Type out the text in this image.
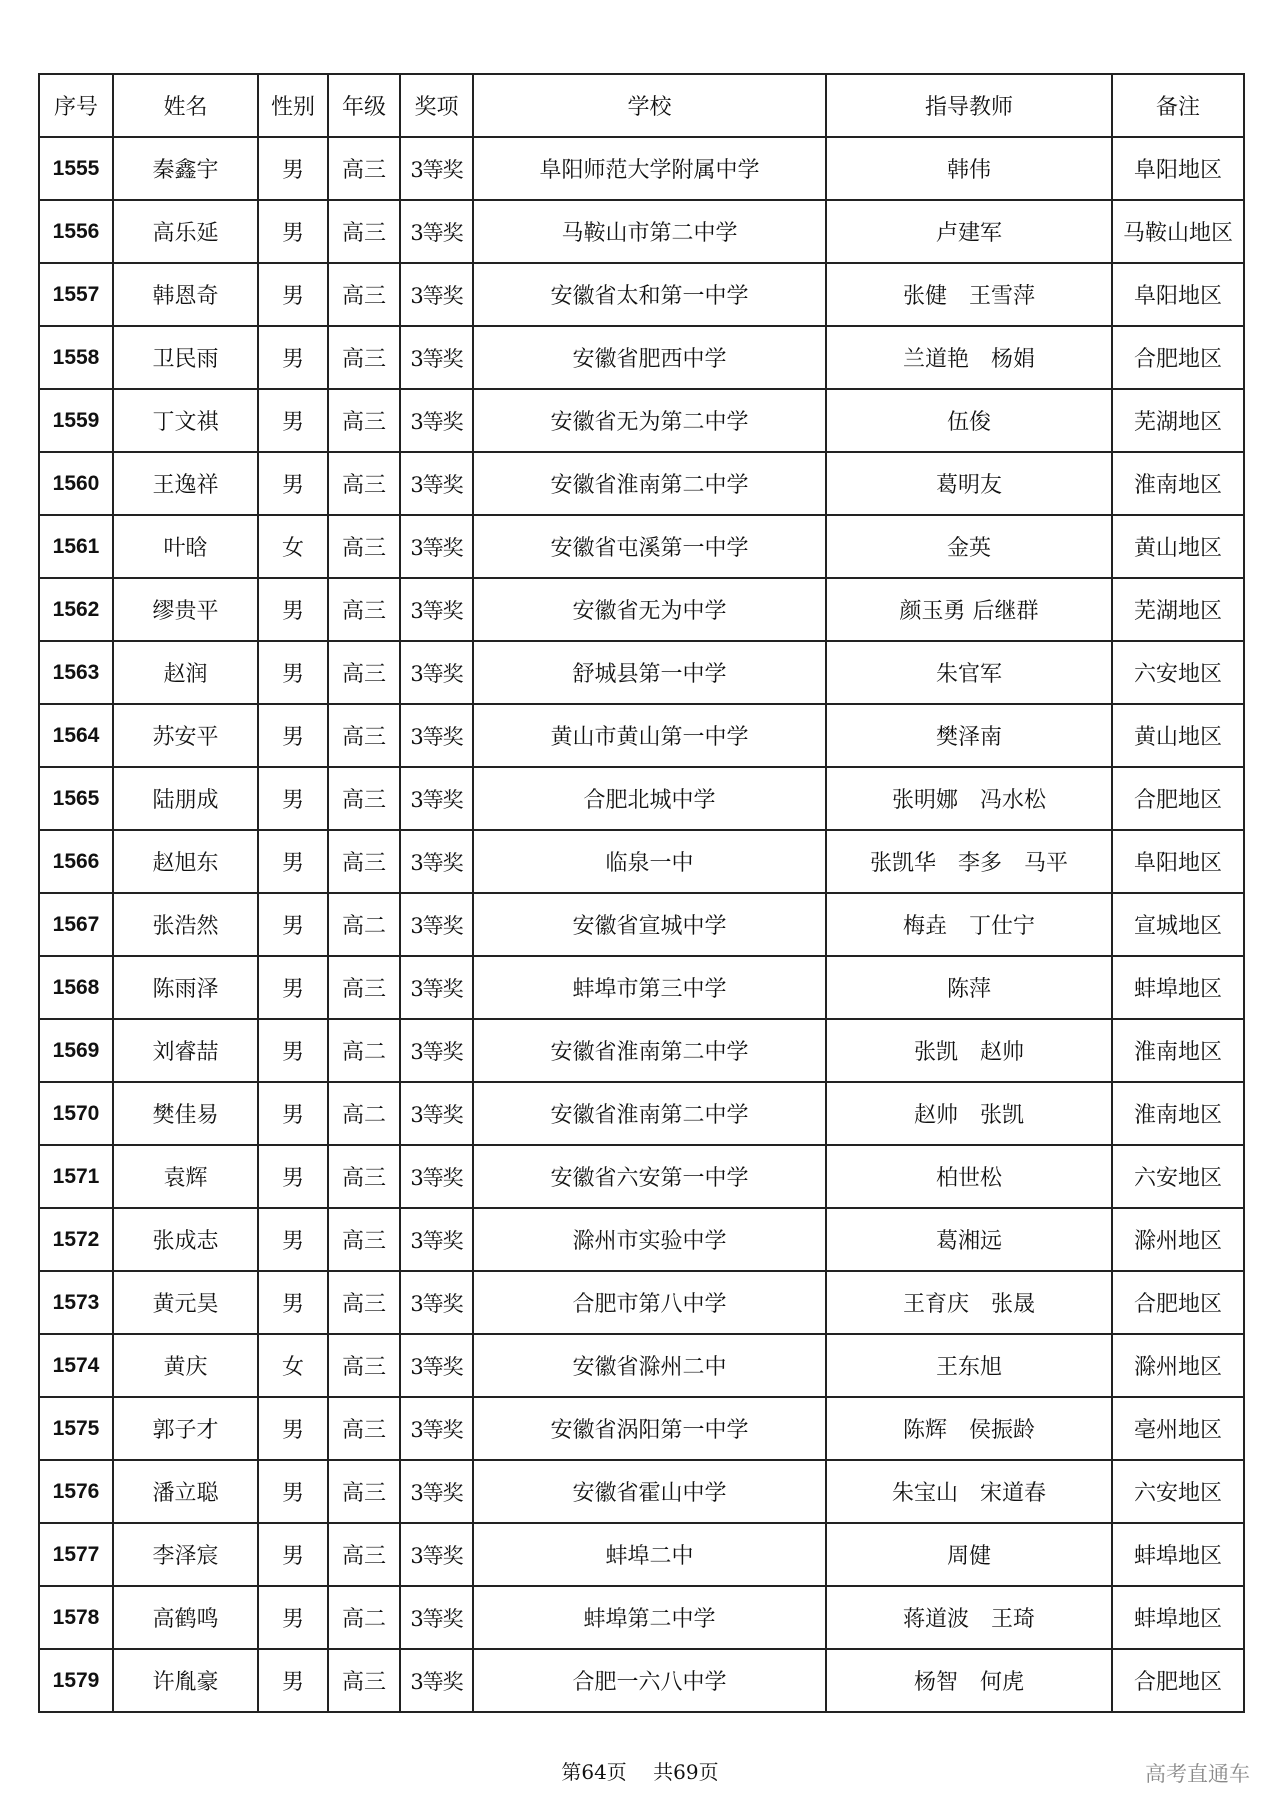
序号	姓名	性别	年级	奖项	学校	指导教师	备注
1555	秦鑫宇	男	高三	3等奖	阜阳师范大学附属中学	韩伟	阜阳地区
1556	高乐延	男	高三	3等奖	马鞍山市第二中学	卢建军	马鞍山地区
1557	韩恩奇	男	高三	3等奖	安徽省太和第一中学	张健　王雪萍	阜阳地区
1558	卫民雨	男	高三	3等奖	安徽省肥西中学	兰道艳　杨娟	合肥地区
1559	丁文祺	男	高三	3等奖	安徽省无为第二中学	伍俊	芜湖地区
1560	王逸祥	男	高三	3等奖	安徽省淮南第二中学	葛明友	淮南地区
1561	叶晗	女	高三	3等奖	安徽省屯溪第一中学	金英	黄山地区
1562	缪贵平	男	高三	3等奖	安徽省无为中学	颜玉勇 后继群	芜湖地区
1563	赵润	男	高三	3等奖	舒城县第一中学	朱官军	六安地区
1564	苏安平	男	高三	3等奖	黄山市黄山第一中学	樊泽南	黄山地区
1565	陆朋成	男	高三	3等奖	合肥北城中学	张明娜　冯水松	合肥地区
1566	赵旭东	男	高三	3等奖	临泉一中	张凯华　李多　马平	阜阳地区
1567	张浩然	男	高二	3等奖	安徽省宣城中学	梅垚　丁仕宁	宣城地区
1568	陈雨泽	男	高三	3等奖	蚌埠市第三中学	陈萍	蚌埠地区
1569	刘睿喆	男	高二	3等奖	安徽省淮南第二中学	张凯　赵帅	淮南地区
1570	樊佳易	男	高二	3等奖	安徽省淮南第二中学	赵帅　张凯	淮南地区
1571	袁辉	男	高三	3等奖	安徽省六安第一中学	柏世松	六安地区
1572	张成志	男	高三	3等奖	滁州市实验中学	葛湘远	滁州地区
1573	黄元昊	男	高三	3等奖	合肥市第八中学	王育庆　张晟	合肥地区
1574	黄庆	女	高三	3等奖	安徽省滁州二中	王东旭	滁州地区
1575	郭子才	男	高三	3等奖	安徽省涡阳第一中学	陈辉　侯振龄	亳州地区
1576	潘立聪	男	高三	3等奖	安徽省霍山中学	朱宝山　宋道春	六安地区
1577	李泽宸	男	高三	3等奖	蚌埠二中	周健	蚌埠地区
1578	高鹤鸣	男	高二	3等奖	蚌埠第二中学	蒋道波　王琦	蚌埠地区
1579	许胤豪	男	高三	3等奖	合肥一六八中学	杨智　何虎	合肥地区
第64页 共69页	高考直通车
